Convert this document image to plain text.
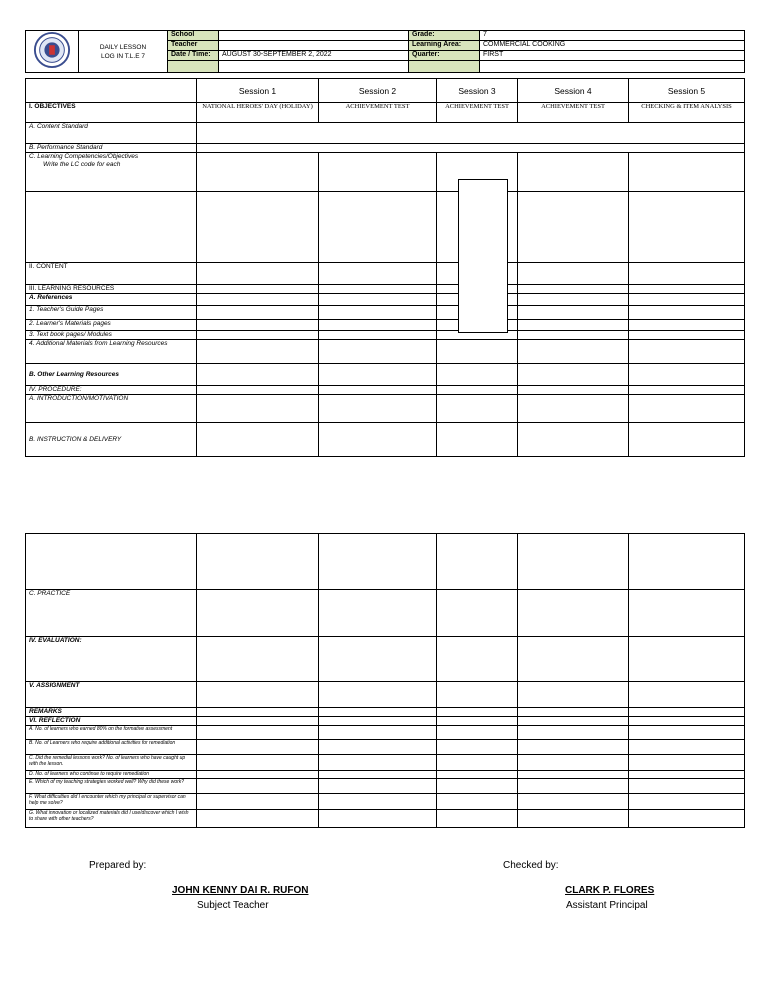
DAILY LESSON
LOG IN T.L.E 7	School		Grade:	7
		Teacher		Learning Area:	COMMERCIAL COOKING
		Date / Time:	AUGUST 30-SEPTEMBER 2, 2022	Quarter:	FIRST

	Session 1	Session 2	Session 3	Session 4	Session 5
I. OBJECTIVES	NATIONAL HEROES' DAY (HOLIDAY)	ACHIEVEMENT TEST	ACHIEVEMENT TEST	ACHIEVEMENT TEST	CHECKING & ITEM ANALYSIS
A. Content Standard					
B. Performance Standard					

C. Learning Competencies/Objectives
Write the LC code for each					

II. CONTENT					
III. LEARNING RESOURCES					
A. References					
1. Teacher's Guide Pages					
2. Learner's Materials pages					
3. Text book pages/ Modules					
4. Additional Materials from Learning Resources					
B. Other Learning Resources					
IV. PROCEDURE:					
A. INTRODUCTION/MOTIVATION					
B. INSTRUCTION & DELIVERY					

C. PRACTICE					
IV. EVALUATION:					
V. ASSIGNMENT					
REMARKS					
VI. REFLECTION					
A. No. of learners who earned 80% on the formative assessment					
B. No. of Learners who require additional activities for remediation					
C. Did the remedial lessons work? No. of learners who have caught up with the lesson.					
D. No. of learners who continue to require remediation					
E. Which of my teaching strategies worked well? Why did these work?					
F. What difficulties did I encounter which my principal or supervisor can help me solve?					
G. What innovation or localized materials did I use/discover which I wish to share with other teachers?					
Prepared by:
JOHN KENNY DAI R. RUFON
Subject Teacher
Checked by:
CLARK P. FLORES
Assistant Principal
